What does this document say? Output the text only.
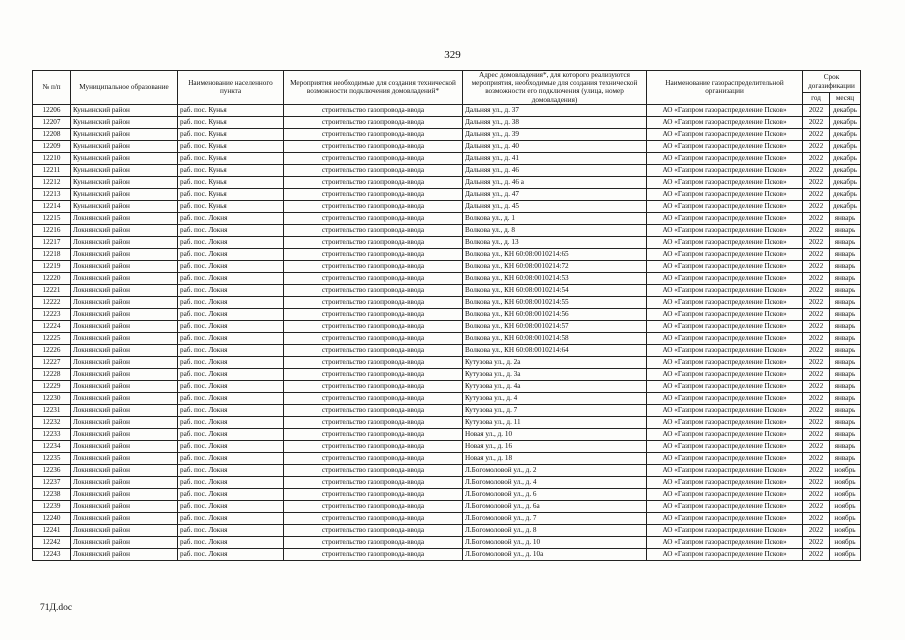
329
№ п/п	Муниципальное образование	Наименование населенного пункта	Мероприятия необходимые для создания технической возможности подключения домовладений*	Адрес домовладения*, для которого реализуются мероприятия, необходимые для создания технической возможности его подключения (улица, номер домовладения)	Наименование газораспределительной организации	Срок догазификации	
						год	месяц
12206	Куньинский район	раб. пос. Кунья	строительство газопровода-ввода	Дальняя ул., д. 37	АО «Газпром газораспределение Псков»	2022	декабрь
12207	Куньинский район	раб. пос. Кунья	строительство газопровода-ввода	Дальняя ул., д. 38	АО «Газпром газораспределение Псков»	2022	декабрь
12208	Куньинский район	раб. пос. Кунья	строительство газопровода-ввода	Дальняя ул., д. 39	АО «Газпром газораспределение Псков»	2022	декабрь
12209	Куньинский район	раб. пос. Кунья	строительство газопровода-ввода	Дальняя ул., д. 40	АО «Газпром газораспределение Псков»	2022	декабрь
12210	Куньинский район	раб. пос. Кунья	строительство газопровода-ввода	Дальняя ул., д. 41	АО «Газпром газораспределение Псков»	2022	декабрь
12211	Куньинский район	раб. пос. Кунья	строительство газопровода-ввода	Дальняя ул., д. 46	АО «Газпром газораспределение Псков»	2022	декабрь
12212	Куньинский район	раб. пос. Кунья	строительство газопровода-ввода	Дальняя ул., д. 46 а	АО «Газпром газораспределение Псков»	2022	декабрь
12213	Куньинский район	раб. пос. Кунья	строительство газопровода-ввода	Дальняя ул., д. 47	АО «Газпром газораспределение Псков»	2022	декабрь
12214	Куньинский район	раб. пос. Кунья	строительство газопровода-ввода	Дальняя ул., д. 45	АО «Газпром газораспределение Псков»	2022	декабрь
12215	Локнянский район	раб. пос. Локня	строительство газопровода-ввода	Волкова ул., д. 1	АО «Газпром газораспределение Псков»	2022	январь
12216	Локнянский район	раб. пос. Локня	строительство газопровода-ввода	Волкова ул., д. 8	АО «Газпром газораспределение Псков»	2022	январь
12217	Локнянский район	раб. пос. Локня	строительство газопровода-ввода	Волкова ул., д. 13	АО «Газпром газораспределение Псков»	2022	январь
12218	Локнянский район	раб. пос. Локня	строительство газопровода-ввода	Волкова ул., КН 60:08:0010214:65	АО «Газпром газораспределение Псков»	2022	январь
12219	Локнянский район	раб. пос. Локня	строительство газопровода-ввода	Волкова ул., КН 60:08:0010214:72	АО «Газпром газораспределение Псков»	2022	январь
12220	Локнянский район	раб. пос. Локня	строительство газопровода-ввода	Волкова ул., КН 60:08:0010214:53	АО «Газпром газораспределение Псков»	2022	январь
12221	Локнянский район	раб. пос. Локня	строительство газопровода-ввода	Волкова ул., КН 60:08:0010214:54	АО «Газпром газораспределение Псков»	2022	январь
12222	Локнянский район	раб. пос. Локня	строительство газопровода-ввода	Волкова ул., КН 60:08:0010214:55	АО «Газпром газораспределение Псков»	2022	январь
12223	Локнянский район	раб. пос. Локня	строительство газопровода-ввода	Волкова ул., КН 60:08:0010214:56	АО «Газпром газораспределение Псков»	2022	январь
12224	Локнянский район	раб. пос. Локня	строительство газопровода-ввода	Волкова ул., КН 60:08:0010214:57	АО «Газпром газораспределение Псков»	2022	январь
12225	Локнянский район	раб. пос. Локня	строительство газопровода-ввода	Волкова ул., КН 60:08:0010214:58	АО «Газпром газораспределение Псков»	2022	январь
12226	Локнянский район	раб. пос. Локня	строительство газопровода-ввода	Волкова ул., КН 60:08:0010214:64	АО «Газпром газораспределение Псков»	2022	январь
12227	Локнянский район	раб. пос. Локня	строительство газопровода-ввода	Кутузова ул., д. 2а	АО «Газпром газораспределение Псков»	2022	январь
12228	Локнянский район	раб. пос. Локня	строительство газопровода-ввода	Кутузова ул., д. 3а	АО «Газпром газораспределение Псков»	2022	январь
12229	Локнянский район	раб. пос. Локня	строительство газопровода-ввода	Кутузова ул., д. 4а	АО «Газпром газораспределение Псков»	2022	январь
12230	Локнянский район	раб. пос. Локня	строительство газопровода-ввода	Кутузова ул., д. 4	АО «Газпром газораспределение Псков»	2022	январь
12231	Локнянский район	раб. пос. Локня	строительство газопровода-ввода	Кутузова ул., д. 7	АО «Газпром газораспределение Псков»	2022	январь
12232	Локнянский район	раб. пос. Локня	строительство газопровода-ввода	Кутузова ул., д. 11	АО «Газпром газораспределение Псков»	2022	январь
12233	Локнянский район	раб. пос. Локня	строительство газопровода-ввода	Новая ул., д. 10	АО «Газпром газораспределение Псков»	2022	январь
12234	Локнянский район	раб. пос. Локня	строительство газопровода-ввода	Новая ул., д. 16	АО «Газпром газораспределение Псков»	2022	январь
12235	Локнянский район	раб. пос. Локня	строительство газопровода-ввода	Новая ул., д. 18	АО «Газпром газораспределение Псков»	2022	январь
12236	Локнянский район	раб. пос. Локня	строительство газопровода-ввода	Л.Богомоловой ул., д. 2	АО «Газпром газораспределение Псков»	2022	ноябрь
12237	Локнянский район	раб. пос. Локня	строительство газопровода-ввода	Л.Богомоловой ул., д. 4	АО «Газпром газораспределение Псков»	2022	ноябрь
12238	Локнянский район	раб. пос. Локня	строительство газопровода-ввода	Л.Богомоловой ул., д. 6	АО «Газпром газораспределение Псков»	2022	ноябрь
12239	Локнянский район	раб. пос. Локня	строительство газопровода-ввода	Л.Богомоловой ул., д. 6а	АО «Газпром газораспределение Псков»	2022	ноябрь
12240	Локнянский район	раб. пос. Локня	строительство газопровода-ввода	Л.Богомоловой ул., д. 7	АО «Газпром газораспределение Псков»	2022	ноябрь
12241	Локнянский район	раб. пос. Локня	строительство газопровода-ввода	Л.Богомоловой ул., д. 8	АО «Газпром газораспределение Псков»	2022	ноябрь
12242	Локнянский район	раб. пос. Локня	строительство газопровода-ввода	Л.Богомоловой ул., д. 10	АО «Газпром газораспределение Псков»	2022	ноябрь
12243	Локнянский район	раб. пос. Локня	строительство газопровода-ввода	Л.Богомоловой ул., д. 10а	АО «Газпром газораспределение Псков»	2022	ноябрь
71Д.doc
